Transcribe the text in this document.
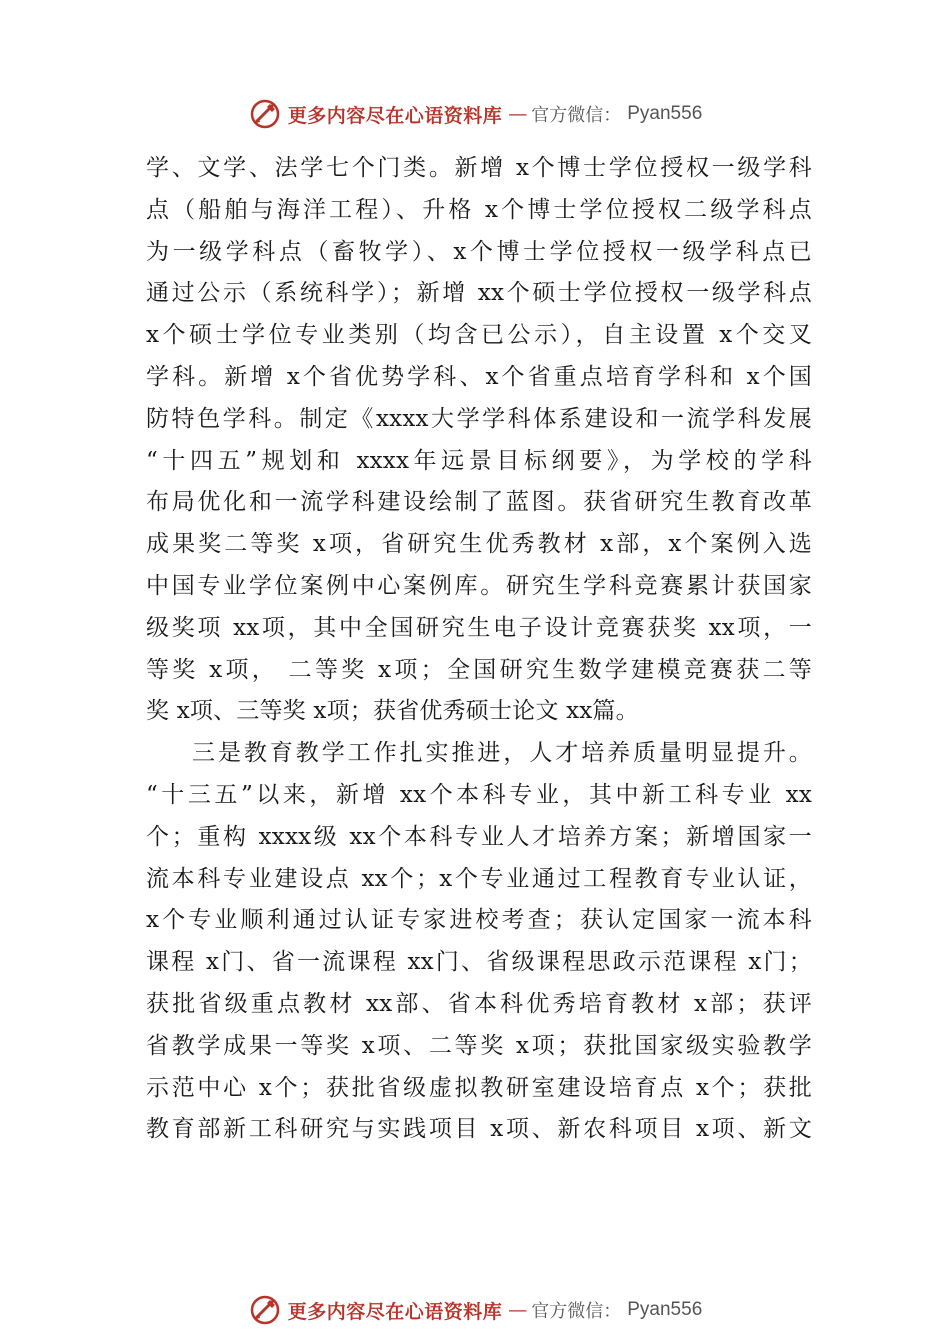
更多内容尽在心语资料库 — 官方微信： Pyan556
学、文学、法学七个门类。新增 x个博士学位授权一级学科
点（船舶与海洋工程）、升格 x个博士学位授权二级学科点
为一级学科点（畜牧学）、x个博士学位授权一级学科点已
通过公示（系统科学）；新增 xx个硕士学位授权一级学科点
x个硕士学位专业类别（均含已公示），自主设置 x个交叉
学科。新增 x个省优势学科、x个省重点培育学科和 x个国
防特色学科。制定《xxxx大学学科体系建设和一流学科发展
“十四五”规划和 xxxx年远景目标纲要》，为学校的学科
布局优化和一流学科建设绘制了蓝图。获省研究生教育改革
成果奖二等奖 x项，省研究生优秀教材 x部，x个案例入选
中国专业学位案例中心案例库。研究生学科竞赛累计获国家
级奖项 xx项，其中全国研究生电子设计竞赛获奖 xx项，一
等奖 x项， 二等奖 x项；全国研究生数学建模竞赛获二等
奖 x项、三等奖 x项；获省优秀硕士论文 xx篇。
三是教育教学工作扎实推进，人才培养质量明显提升。
“十三五”以来，新增 xx个本科专业，其中新工科专业 xx
个；重构 xxxx级 xx个本科专业人才培养方案；新增国家一
流本科专业建设点 xx个；x个专业通过工程教育专业认证，
x个专业顺利通过认证专家进校考查；获认定国家一流本科
课程 x门、省一流课程 xx门、省级课程思政示范课程 x门；
获批省级重点教材 xx部、省本科优秀培育教材 x部；获评
省教学成果一等奖 x项、二等奖 x项；获批国家级实验教学
示范中心 x个；获批省级虚拟教研室建设培育点 x个；获批
教育部新工科研究与实践项目 x项、新农科项目 x项、新文
更多内容尽在心语资料库 — 官方微信： Pyan556
